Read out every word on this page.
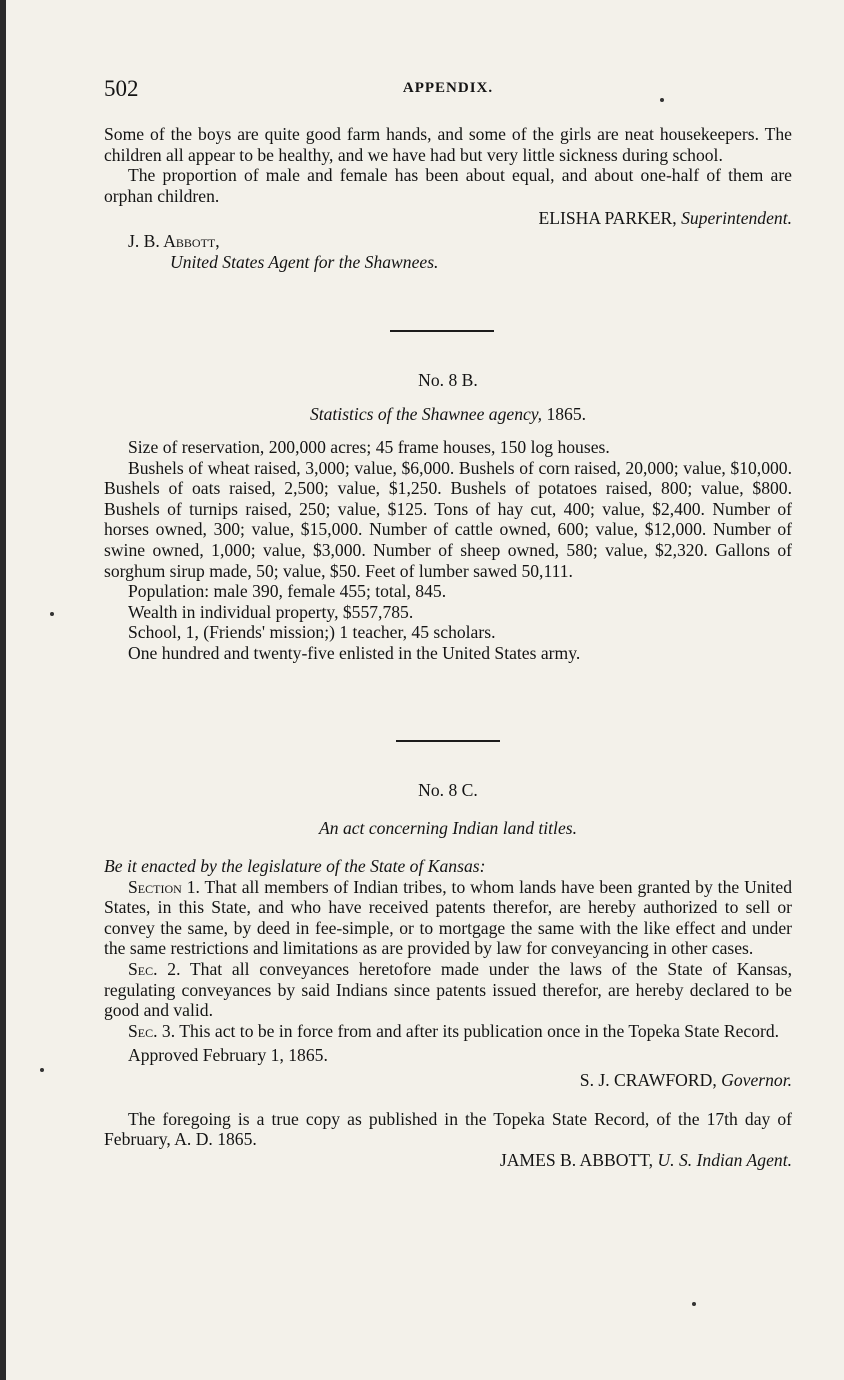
502	APPENDIX.

Some of the boys are quite good farm hands, and some of the girls are neat housekeepers. The children all appear to be healthy, and we have had but very little sickness during school.

The proportion of male and female has been about equal, and about one-half of them are orphan children.

ELISHA PARKER, Superintendent.

J. B. Abbott,

United States Agent for the Shawnees.

No. 8 B.
Statistics of the Shawnee agency, 1865.

Size of reservation, 200,000 acres; 45 frame houses, 150 log houses.

Bushels of wheat raised, 3,000; value, $6,000. Bushels of corn raised, 20,000; value, $10,000. Bushels of oats raised, 2,500; value, $1,250. Bushels of potatoes raised, 800; value, $800. Bushels of turnips raised, 250; value, $125. Tons of hay cut, 400; value, $2,400. Number of horses owned, 300; value, $15,000. Number of cattle owned, 600; value, $12,000. Number of swine owned, 1,000; value, $3,000. Number of sheep owned, 580; value, $2,320. Gallons of sorghum sirup made, 50; value, $50. Feet of lumber sawed 50,111.

Population: male 390, female 455; total, 845.

Wealth in individual property, $557,785.

School, 1, (Friends' mission;) 1 teacher, 45 scholars.

One hundred and twenty-five enlisted in the United States army.

No. 8 C.
An act concerning Indian land titles.

Be it enacted by the legislature of the State of Kansas:

Section 1. That all members of Indian tribes, to whom lands have been granted by the United States, in this State, and who have received patents therefor, are hereby authorized to sell or convey the same, by deed in fee-simple, or to mortgage the same with the like effect and under the same restrictions and limitations as are provided by law for conveyancing in other cases.

Sec. 2. That all conveyances heretofore made under the laws of the State of Kansas, regulating conveyances by said Indians since patents issued therefor, are hereby declared to be good and valid.

Sec. 3. This act to be in force from and after its publication once in the Topeka State Record.

Approved February 1, 1865.

S. J. CRAWFORD, Governor.

The foregoing is a true copy as published in the Topeka State Record, of the 17th day of February, A. D. 1865.

JAMES B. ABBOTT, U. S. Indian Agent.
